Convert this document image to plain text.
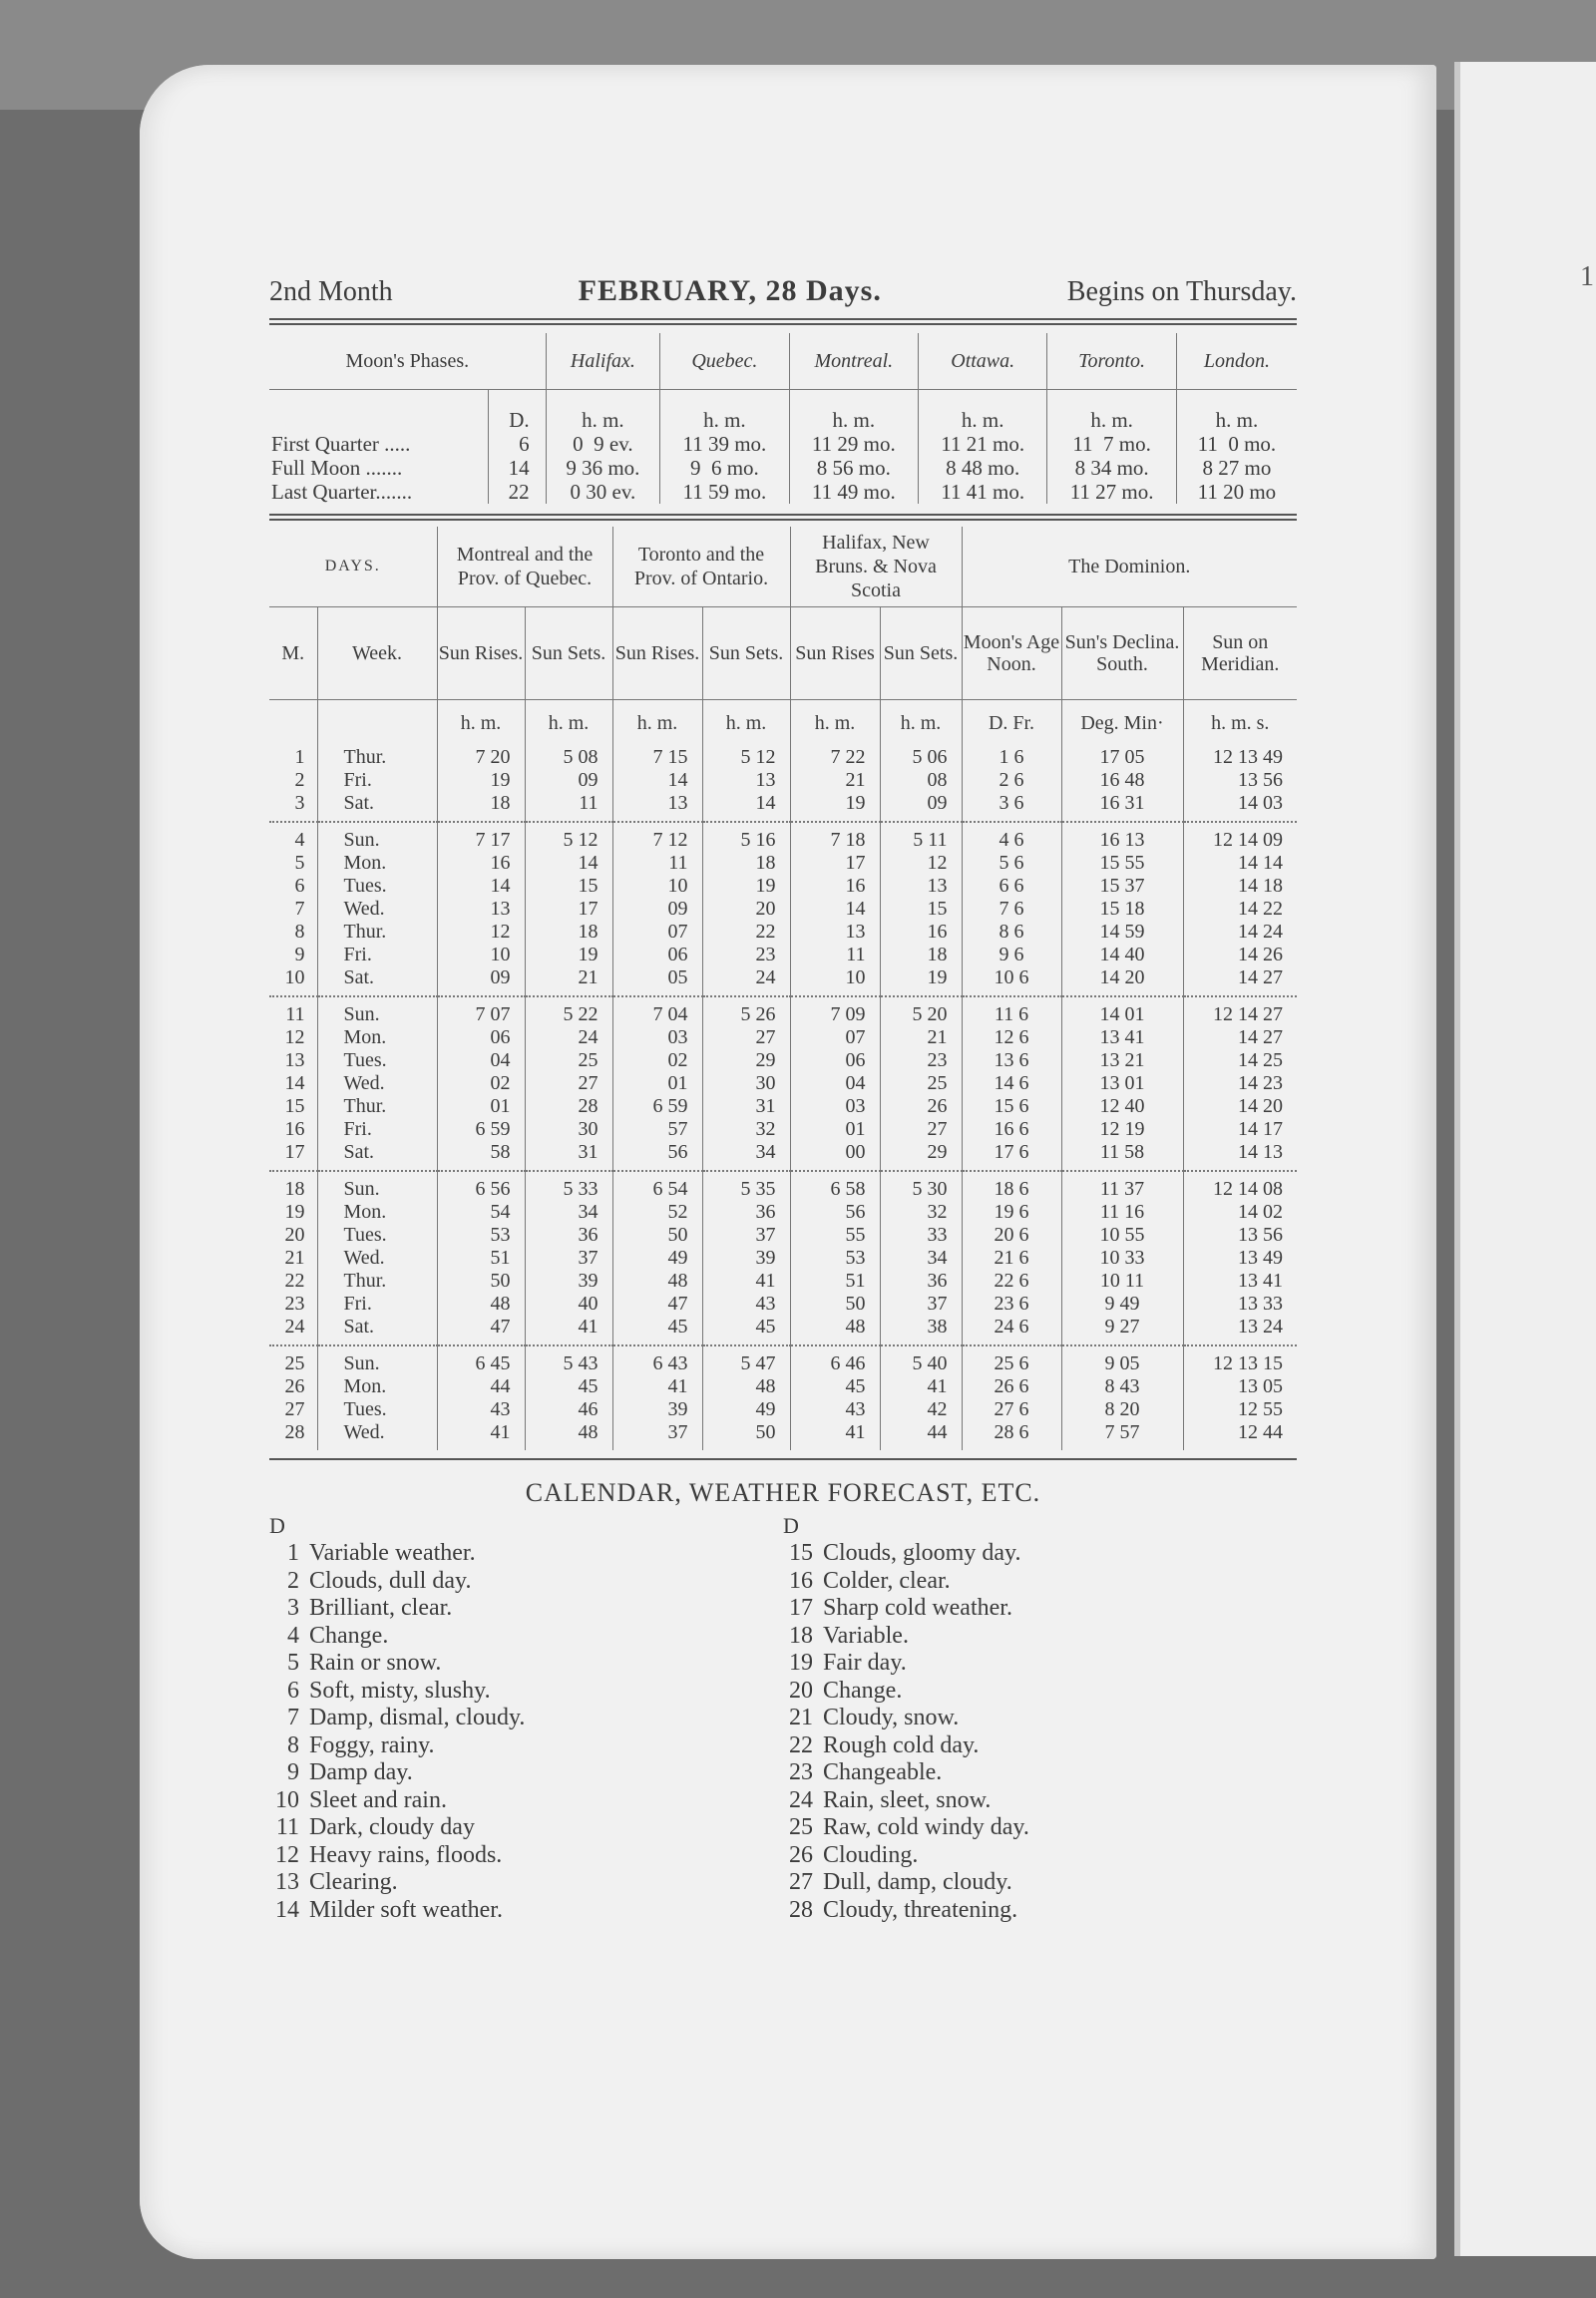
1
2nd Month	FEBRUARY, 28 Days.	Begins on Thursday.
Moon's Phases.		Halifax.	Quebec.	Montreal.	Ottawa.	Toronto.	London.
	D.	h. m.	h. m.	h. m.	h. m.	h. m.	h. m.
First Quarter .....	6	0  9 ev.	11 39 mo.	11 29 mo.	11 21 mo.	11  7 mo.	11  0 mo.
Full Moon .......	14	9 36 mo.	9  6 mo.	8 56 mo.	8 48 mo.	8 34 mo.	8 27 mo
Last Quarter.......	22	0 30 ev.	11 59 mo.	11 49 mo.	11 41 mo.	11 27 mo.	11 20 mo
DAYS.		Montreal and the Prov. of Quebec.		Toronto and the Prov. of Ontario.		Halifax, New Bruns. & Nova Scotia		The Dominion.		
M.	Week.	Sun Rises.	Sun Sets.	Sun Rises.	Sun Sets.	Sun Rises	Sun Sets.	Moon's Age Noon.	Sun's Declina. South.	Sun on Meridian.
		h. m.	h. m.	h. m.	h. m.	h. m.	h. m.	D. Fr.	Deg. Min·	h. m. s.
1	Thur.	7 20	5 08	7 15	5 12	7 22	5 06	1 6	17 05	12 13 49
2	Fri.	19	09	14	13	21	08	2 6	16 48	13 56
3	Sat.	18	11	13	14	19	09	3 6	16 31	14 03
4	Sun.	7 17	5 12	7 12	5 16	7 18	5 11	4 6	16 13	12 14 09
5	Mon.	16	14	11	18	17	12	5 6	15 55	14 14
6	Tues.	14	15	10	19	16	13	6 6	15 37	14 18
7	Wed.	13	17	09	20	14	15	7 6	15 18	14 22
8	Thur.	12	18	07	22	13	16	8 6	14 59	14 24
9	Fri.	10	19	06	23	11	18	9 6	14 40	14 26
10	Sat.	09	21	05	24	10	19	10 6	14 20	14 27
11	Sun.	7 07	5 22	7 04	5 26	7 09	5 20	11 6	14 01	12 14 27
12	Mon.	06	24	03	27	07	21	12 6	13 41	14 27
13	Tues.	04	25	02	29	06	23	13 6	13 21	14 25
14	Wed.	02	27	01	30	04	25	14 6	13 01	14 23
15	Thur.	01	28	6 59	31	03	26	15 6	12 40	14 20
16	Fri.	6 59	30	57	32	01	27	16 6	12 19	14 17
17	Sat.	58	31	56	34	00	29	17 6	11 58	14 13
18	Sun.	6 56	5 33	6 54	5 35	6 58	5 30	18 6	11 37	12 14 08
19	Mon.	54	34	52	36	56	32	19 6	11 16	14 02
20	Tues.	53	36	50	37	55	33	20 6	10 55	13 56
21	Wed.	51	37	49	39	53	34	21 6	10 33	13 49
22	Thur.	50	39	48	41	51	36	22 6	10 11	13 41
23	Fri.	48	40	47	43	50	37	23 6	9 49	13 33
24	Sat.	47	41	45	45	48	38	24 6	9 27	13 24
25	Sun.	6 45	5 43	6 43	5 47	6 46	5 40	25 6	9 05	12 13 15
26	Mon.	44	45	41	48	45	41	26 6	8 43	13 05
27	Tues.	43	46	39	49	43	42	27 6	8 20	12 55
28	Wed.	41	48	37	50	41	44	28 6	7 57	12 44
CALENDAR, WEATHER FORECAST, ETC.
D
1 Variable weather.
2 Clouds, dull day.
3 Brilliant, clear.
4 Change.
5 Rain or snow.
6 Soft, misty, slushy.
7 Damp, dismal, cloudy.
8 Foggy, rainy.
9 Damp day.
10 Sleet and rain.
11 Dark, cloudy day
12 Heavy rains, floods.
13 Clearing.
14 Milder soft weather.
D
15 Clouds, gloomy day.
16 Colder, clear.
17 Sharp cold weather.
18 Variable.
19 Fair day.
20 Change.
21 Cloudy, snow.
22 Rough cold day.
23 Changeable.
24 Rain, sleet, snow.
25 Raw, cold windy day.
26 Clouding.
27 Dull, damp, cloudy.
28 Cloudy, threatening.
